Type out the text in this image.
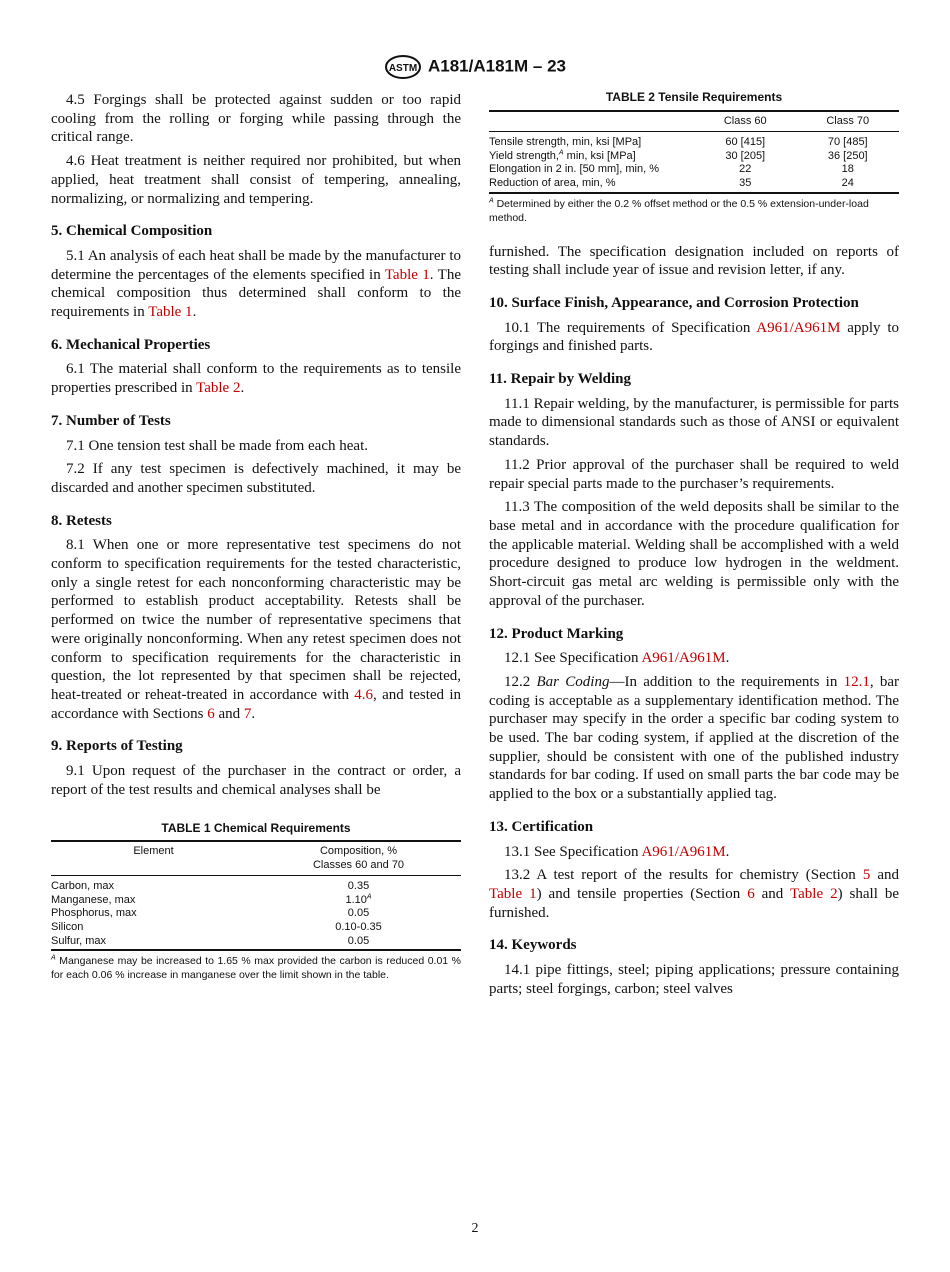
ASTM A181/A181M – 23
4.5 Forgings shall be protected against sudden or too rapid cooling from the rolling or forging while passing through the critical range.
4.6 Heat treatment is neither required nor prohibited, but when applied, heat treatment shall consist of tempering, annealing, normalizing, or normalizing and tempering.
5. Chemical Composition
5.1 An analysis of each heat shall be made by the manufacturer to determine the percentages of the elements specified in Table 1. The chemical composition thus determined shall conform to the requirements in Table 1.
6. Mechanical Properties
6.1 The material shall conform to the requirements as to tensile properties prescribed in Table 2.
7. Number of Tests
7.1 One tension test shall be made from each heat.
7.2 If any test specimen is defectively machined, it may be discarded and another specimen substituted.
8. Retests
8.1 When one or more representative test specimens do not conform to specification requirements for the tested characteristic, only a single retest for each nonconforming characteristic may be performed to establish product acceptability. Retests shall be performed on twice the number of representative specimens that were originally nonconforming. When any retest specimen does not conform to specification requirements for the characteristic in question, the lot represented by that specimen shall be rejected, heat-treated or reheat-treated in accordance with 4.6, and tested in accordance with Sections 6 and 7.
9. Reports of Testing
9.1 Upon request of the purchaser in the contract or order, a report of the test results and chemical analyses shall be
TABLE 1 Chemical Requirements
Element	Composition, %
Classes 60 and 70
Carbon, max	0.35
Manganese, max	$1.10^A$
Phosphorus, max	0.05
Silicon	0.10-0.35
Sulfur, max	0.05
$^A$ Manganese may be increased to 1.65 % max provided the carbon is reduced 0.01 % for each 0.06 % increase in manganese over the limit shown in the table.
TABLE 2 Tensile Requirements
	Class 60	Class 70
Tensile strength, min, ksi [MPa]	60 [415]	70 [485]
Yield strength,$^A$ min, ksi [MPa]	30 [205]	36 [250]
Elongation in 2 in. [50 mm], min, %	22	18
Reduction of area, min, %	35	24
$^A$ Determined by either the 0.2 % offset method or the 0.5 % extension-under-load method.
furnished. The specification designation included on reports of testing shall include year of issue and revision letter, if any.
10. Surface Finish, Appearance, and Corrosion Protection
10.1 The requirements of Specification A961/A961M apply to forgings and finished parts.
11. Repair by Welding
11.1 Repair welding, by the manufacturer, is permissible for parts made to dimensional standards such as those of ANSI or equivalent standards.
11.2 Prior approval of the purchaser shall be required to weld repair special parts made to the purchaser’s requirements.
11.3 The composition of the weld deposits shall be similar to the base metal and in accordance with the procedure qualification for the applicable material. Welding shall be accomplished with a weld procedure designed to produce low hydrogen in the weldment. Short-circuit gas metal arc welding is permissible only with the approval of the purchaser.
12. Product Marking
12.1 See Specification A961/A961M.
12.2 Bar Coding—In addition to the requirements in 12.1, bar coding is acceptable as a supplementary identification method. The purchaser may specify in the order a specific bar coding system to be used. The bar coding system, if applied at the discretion of the supplier, should be consistent with one of the published industry standards for bar coding. If used on small parts the bar code may be applied to the box or a substantially applied tag.
13. Certification
13.1 See Specification A961/A961M.
13.2 A test report of the results for chemistry (Section 5 and Table 1) and tensile properties (Section 6 and Table 2) shall be furnished.
14. Keywords
14.1 pipe fittings, steel; piping applications; pressure containing parts; steel forgings, carbon; steel valves
2
